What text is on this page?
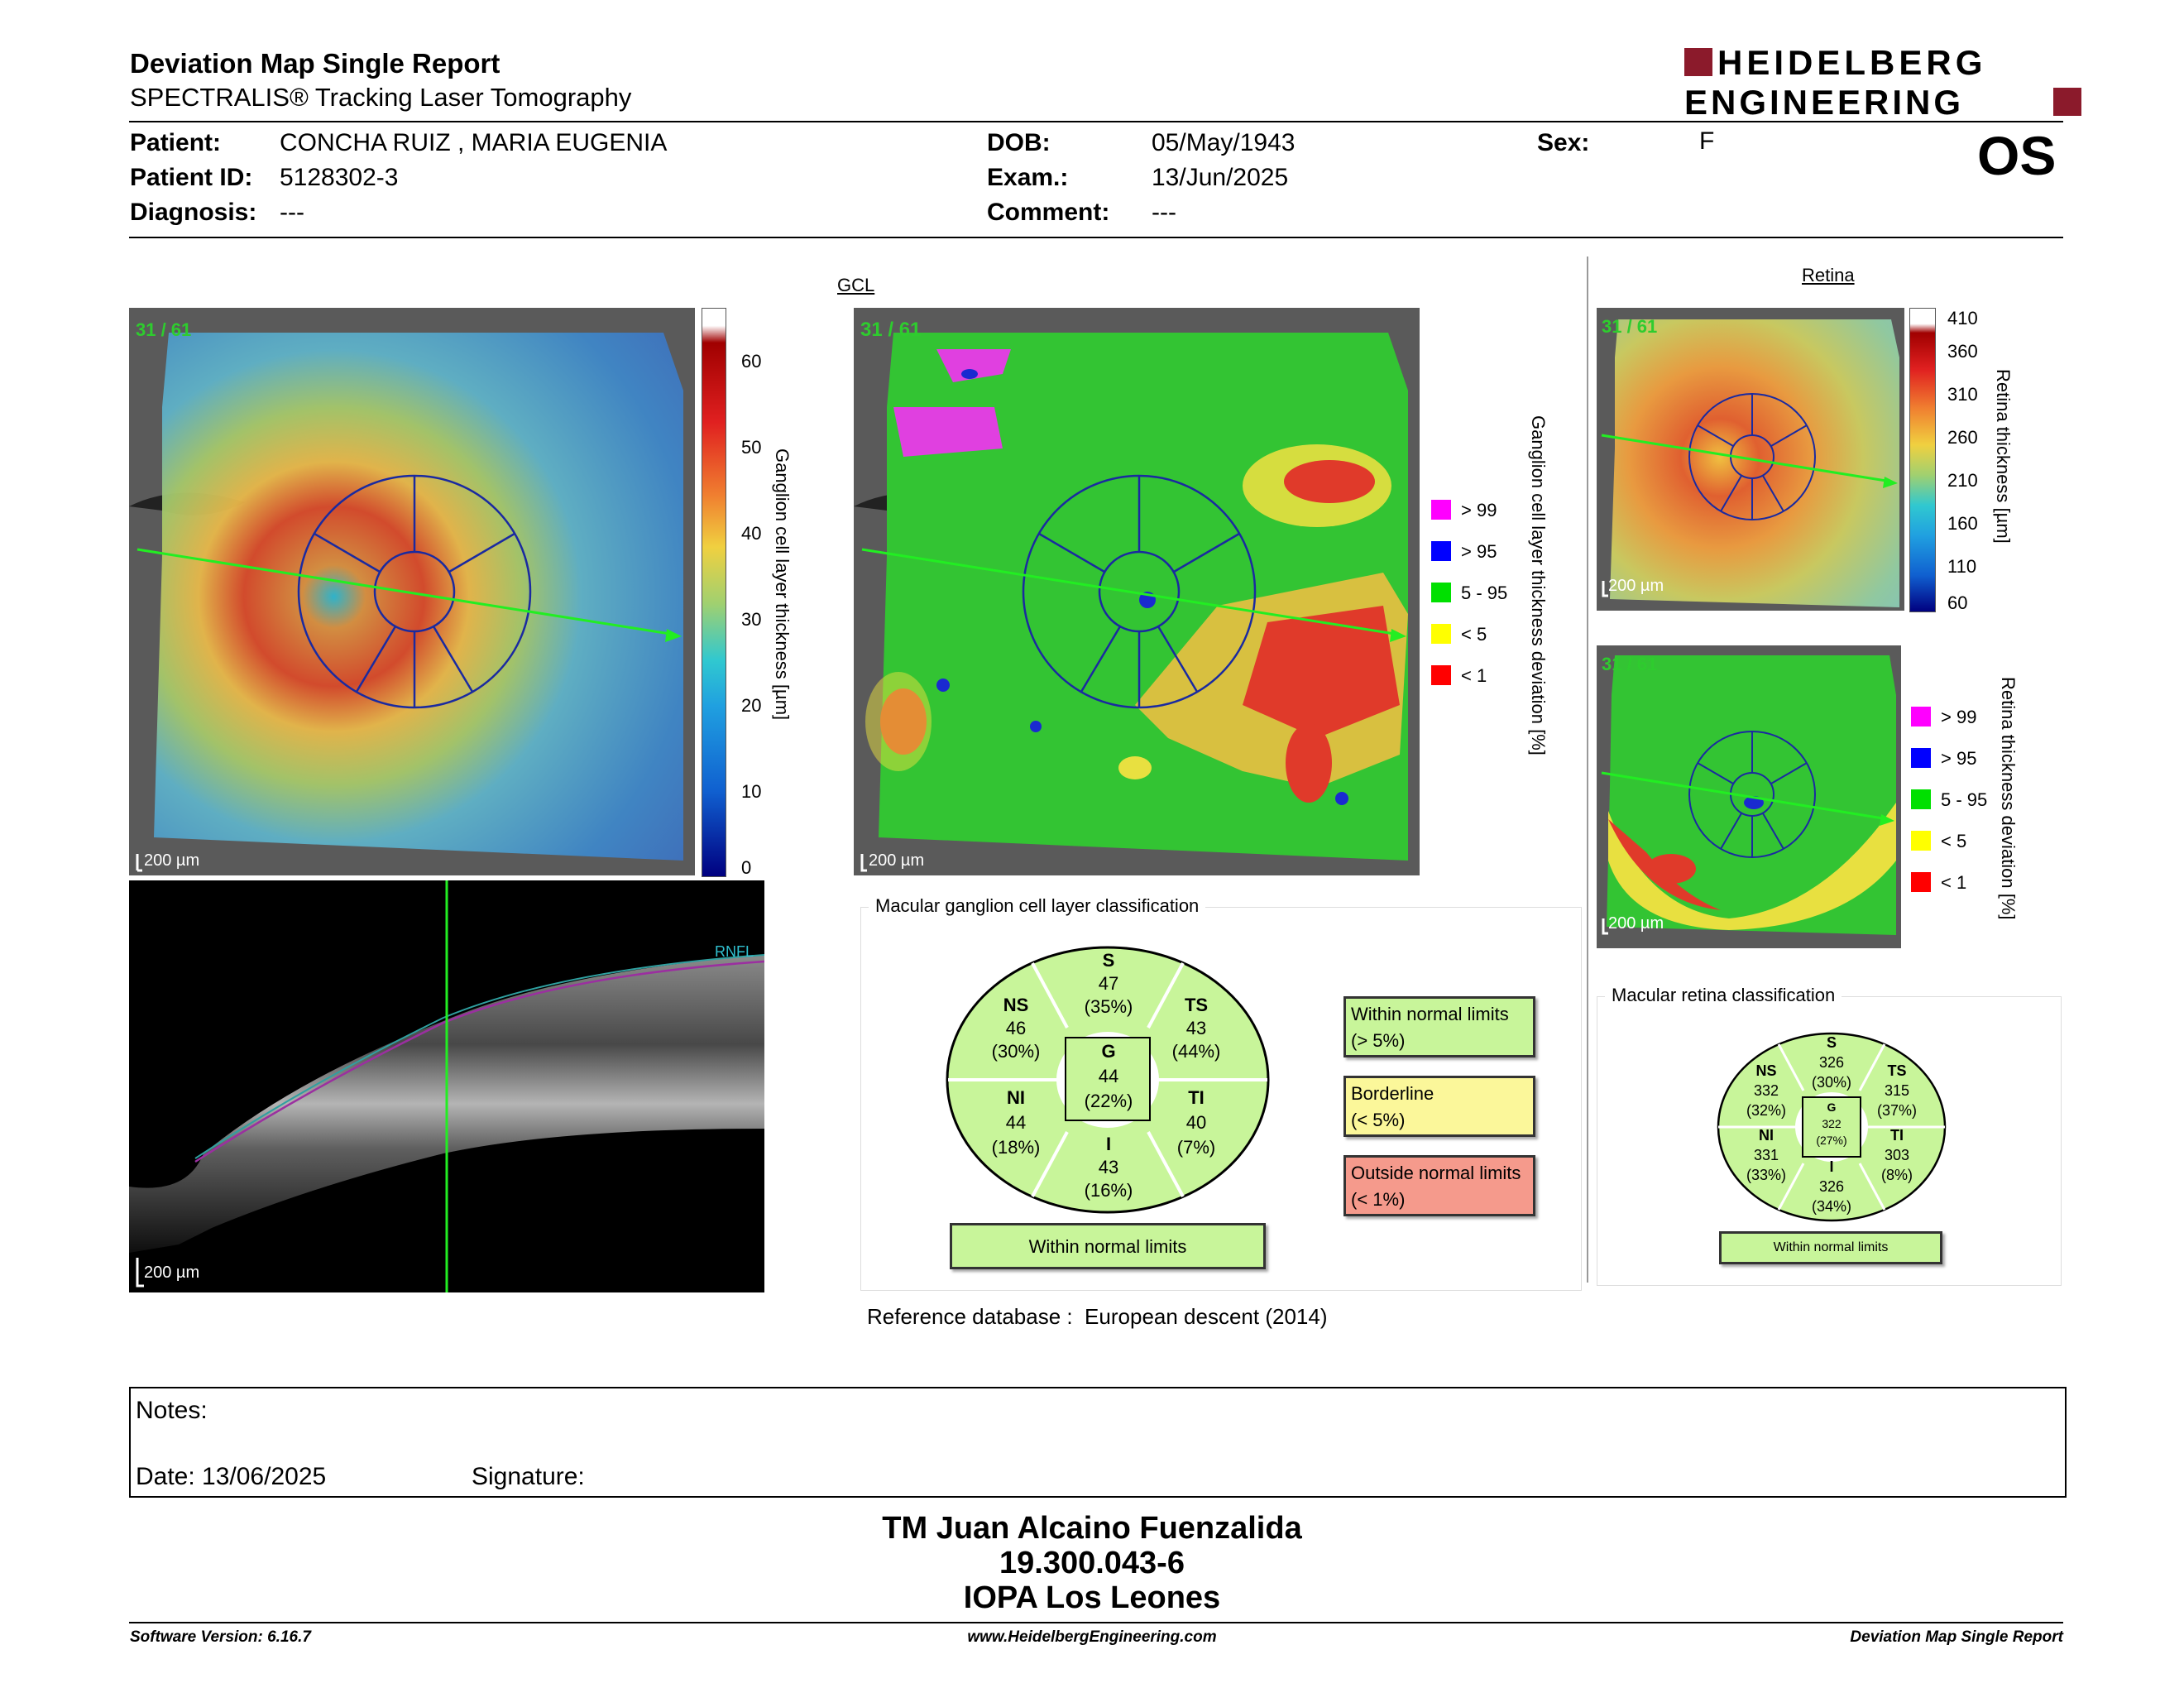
Deviation Map Single Report
SPECTRALIS® Tracking Laser Tomography
HEIDELBERG
ENGINEERING
Patient: CONCHA RUIZ , MARIA EUGENIA
Patient ID: 5128302-3
Diagnosis: ---
DOB:	05/May/1943
Exam.:	13/Jun/2025
Comment: ---
Sex:	F	OS
31 / 61
200 µm
60
50
40
30
20
10
0
Ganglion cell layer thickness [µm]
RNFL
200 µm
GCL
31 / 61
200 µm
> 99
> 95
5 - 95
< 5
< 1 Ganglion cell layer thickness deviation [%]
Macular ganglion cell layer classification
S
47
(35%)
NS
46
(30%)
TS
43
(44%)
G
44
(22%)
NI
44
(18%)
TI
40
(7%)
I
43
(16%)
Within normal limits
Within normal limits
(> 5%)
Borderline
(< 5%)
Outside normal limits
(< 1%)
Reference database :  European descent (2014)
Retina
31 / 61
200 µm
410
360
310
260
210
160
110
60
Retina thickness [µm]
31 / 61
200 µm
> 99
> 95
5 - 95
< 5
< 1 Retina thickness deviation [%]
Macular retina classification
S
326
(30%)
NS
332
(32%)
TS
315
(37%)
G
322
(27%)
NI
331
(33%)
TI
303
(8%)
I
326
(34%)
Within normal limits
Notes:
Date: 13/06/2025	Signature:
TM Juan Alcaino Fuenzalida
19.300.043-6
IOPA Los Leones
Software Version: 6.16.7	www.HeidelbergEngineering.com	Deviation Map Single Report
